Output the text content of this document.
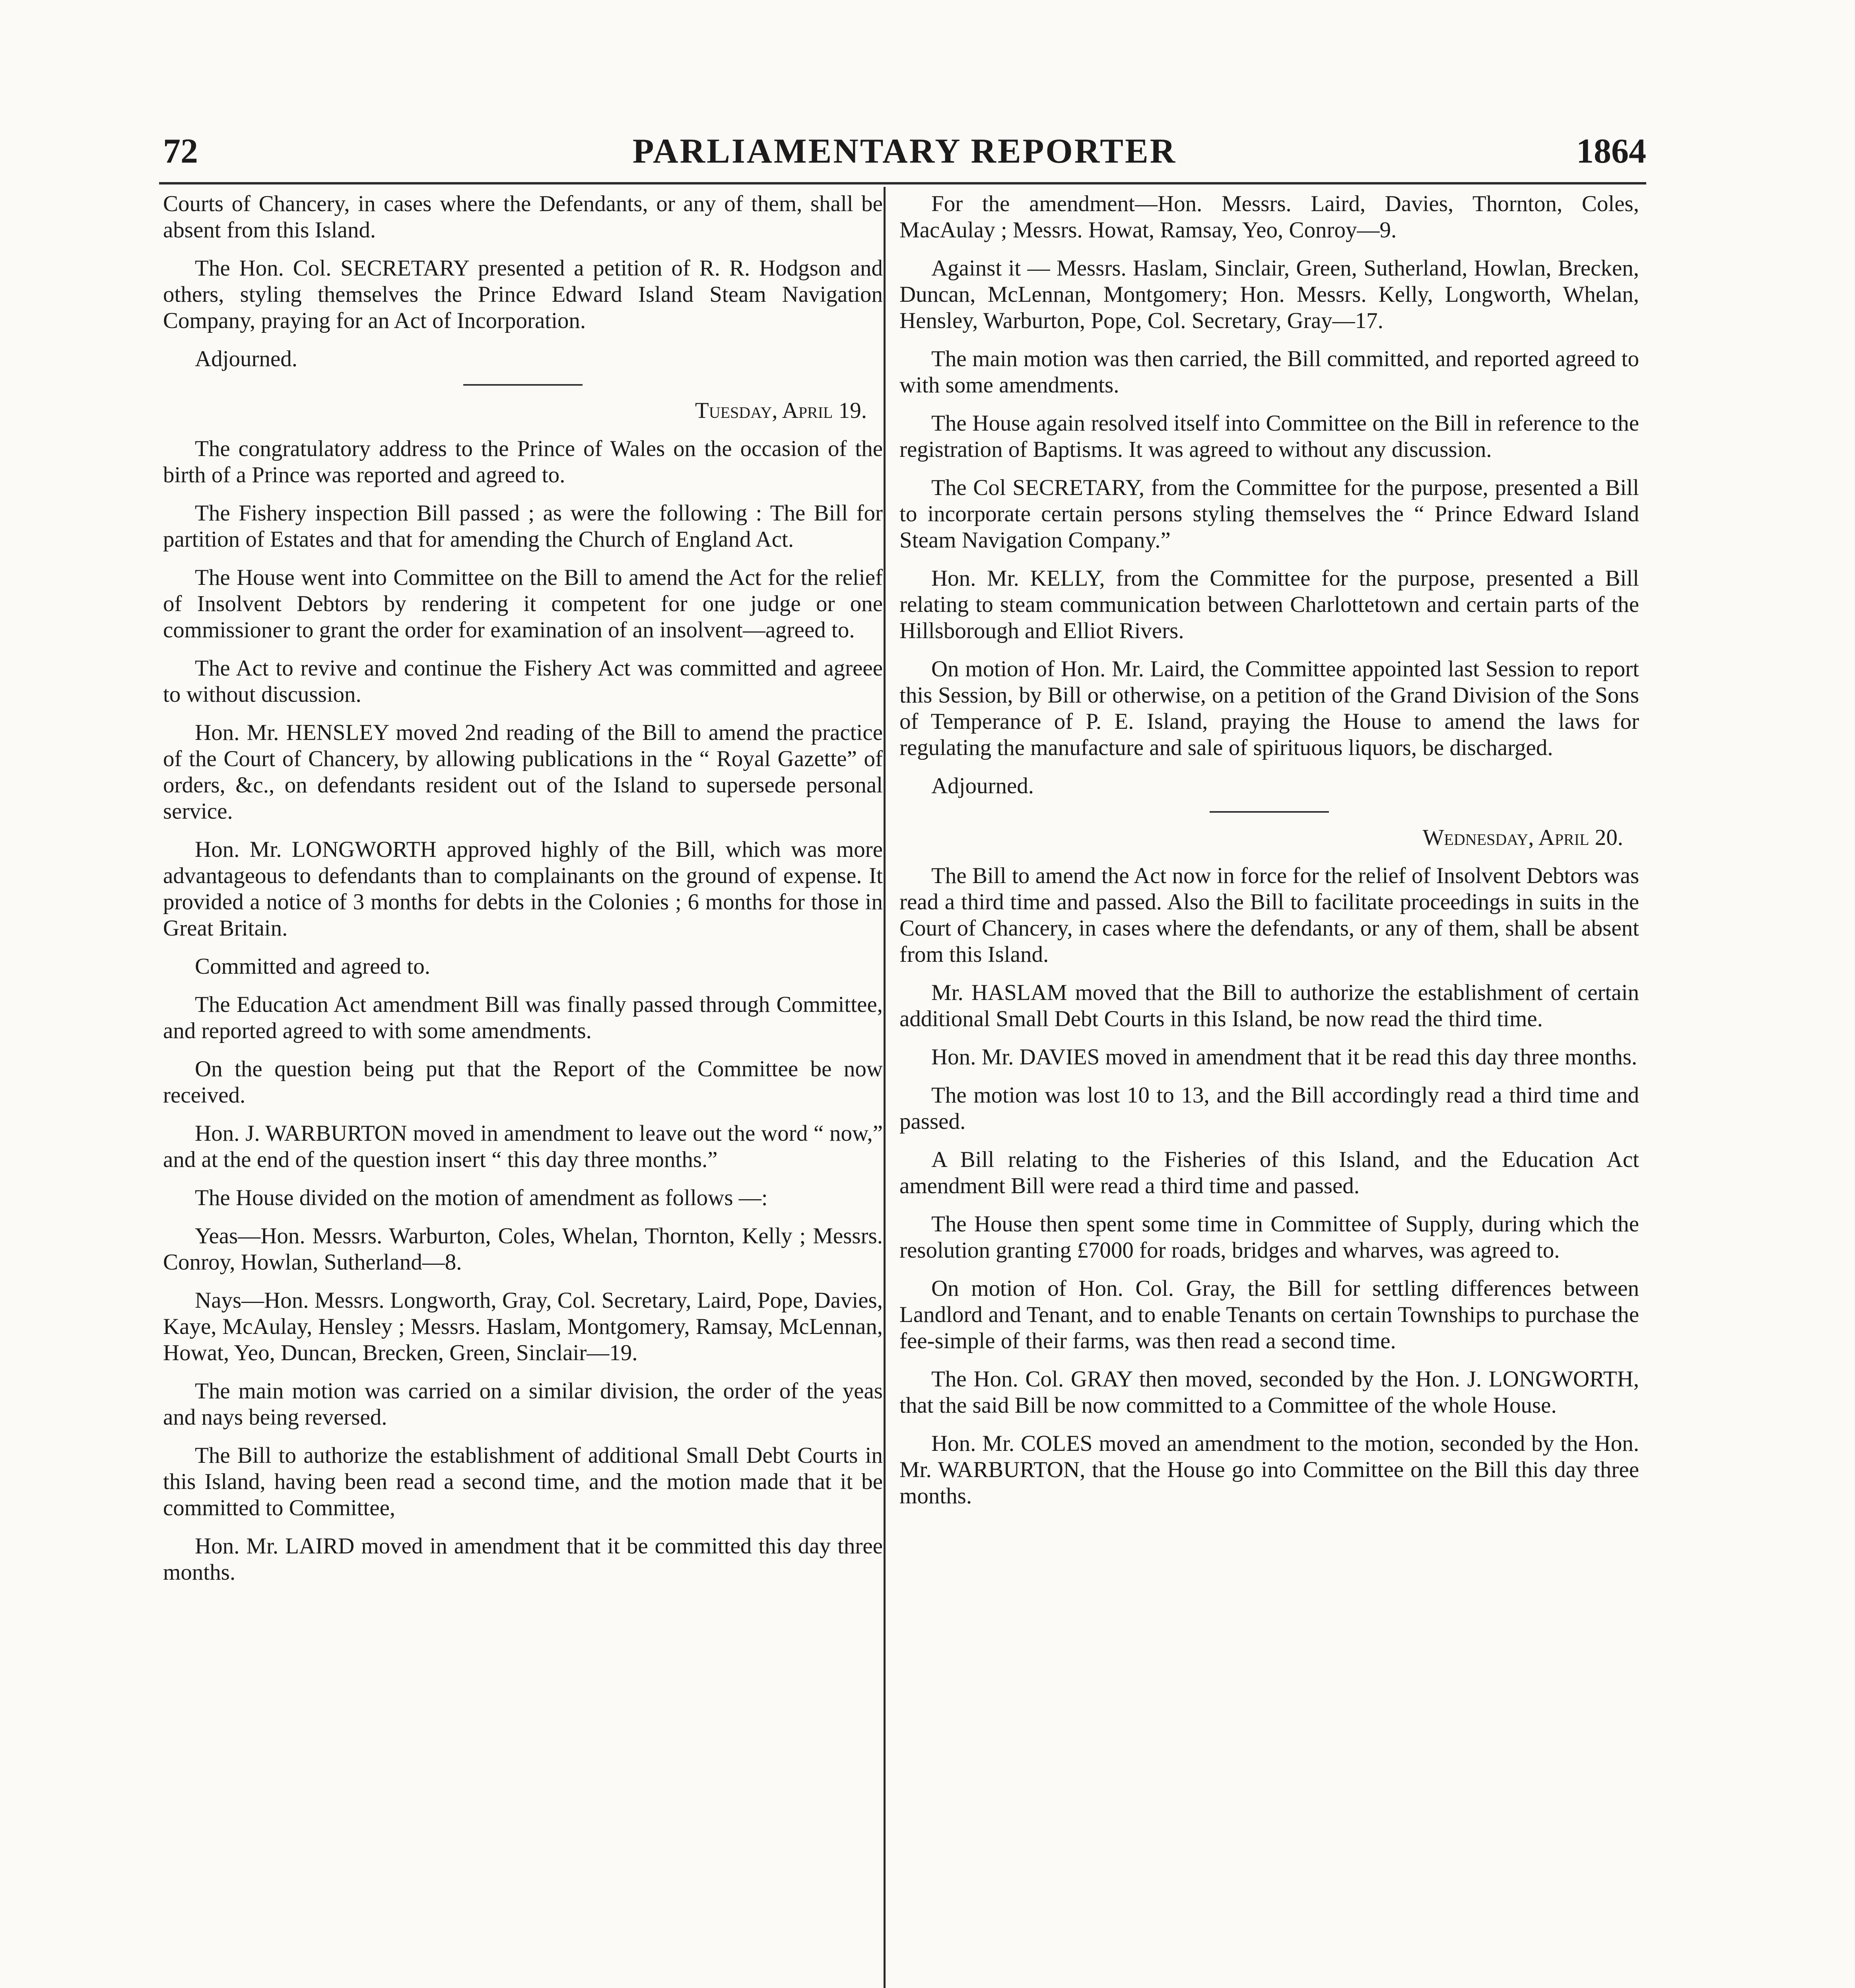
72	PARLIAMENTARY REPORTER	1864

Courts of Chancery, in cases where the Defendants, or any of them, shall be absent from this Island.

The Hon. Col. SECRETARY presented a petition of R. R. Hodgson and others, styling themselves the Prince Edward Island Steam Navigation Company, praying for an Act of Incorporation.

Adjourned.

Tuesday, April 19.

The congratulatory address to the Prince of Wales on the occasion of the birth of a Prince was reported and agreed to.

The Fishery inspection Bill passed ; as were the following : The Bill for partition of Estates and that for amending the Church of England Act.

The House went into Committee on the Bill to amend the Act for the relief of Insolvent Debtors by rendering it competent for one judge or one commissioner to grant the order for examination of an insolvent—agreed to.

The Act to revive and continue the Fishery Act was committed and agreee to without discussion.

Hon. Mr. HENSLEY moved 2nd reading of the Bill to amend the practice of the Court of Chancery, by allowing publications in the “ Royal Gazette” of orders, &c., on defendants resident out of the Island to supersede personal service.

Hon. Mr. LONGWORTH approved highly of the Bill, which was more advantageous to defendants than to complainants on the ground of expense. It provided a notice of 3 months for debts in the Colonies ; 6 months for those in Great Britain.

Committed and agreed to.

The Education Act amendment Bill was finally passed through Committee, and reported agreed to with some amendments.

On the question being put that the Report of the Committee be now received.

Hon. J. WARBURTON moved in amendment to leave out the word “ now,” and at the end of the question insert “ this day three months.”

The House divided on the motion of amendment as follows —:

Yeas—Hon. Messrs. Warburton, Coles, Whelan, Thornton, Kelly ; Messrs. Conroy, Howlan, Sutherland—8.

Nays—Hon. Messrs. Longworth, Gray, Col. Secretary, Laird, Pope, Davies, Kaye, McAulay, Hensley ; Messrs. Haslam, Montgomery, Ramsay, McLennan, Howat, Yeo, Duncan, Brecken, Green, Sinclair—19.

The main motion was carried on a similar division, the order of the yeas and nays being reversed.

The Bill to authorize the establishment of additional Small Debt Courts in this Island, having been read a second time, and the motion made that it be committed to Committee,

Hon. Mr. LAIRD moved in amendment that it be committed this day three months.

For the amendment—Hon. Messrs. Laird, Davies, Thornton, Coles, MacAulay ; Messrs. Howat, Ramsay, Yeo, Conroy—9.

Against it — Messrs. Haslam, Sinclair, Green, Sutherland, Howlan, Brecken, Duncan, McLennan, Montgomery; Hon. Messrs. Kelly, Longworth, Whelan, Hensley, Warburton, Pope, Col. Secretary, Gray—17.

The main motion was then carried, the Bill committed, and reported agreed to with some amendments.

The House again resolved itself into Committee on the Bill in reference to the registration of Baptisms. It was agreed to without any discussion.

The Col SECRETARY, from the Committee for the purpose, presented a Bill to incorporate certain persons styling themselves the “ Prince Edward Island Steam Navigation Company.”

Hon. Mr. KELLY, from the Committee for the purpose, presented a Bill relating to steam communication between Charlottetown and certain parts of the Hillsborough and Elliot Rivers.

On motion of Hon. Mr. Laird, the Committee appointed last Session to report this Session, by Bill or otherwise, on a petition of the Grand Division of the Sons of Temperance of P. E. Island, praying the House to amend the laws for regulating the manufacture and sale of spirituous liquors, be discharged.

Adjourned.

Wednesday, April 20.

The Bill to amend the Act now in force for the relief of Insolvent Debtors was read a third time and passed. Also the Bill to facilitate proceedings in suits in the Court of Chancery, in cases where the defendants, or any of them, shall be absent from this Island.

Mr. HASLAM moved that the Bill to authorize the establishment of certain additional Small Debt Courts in this Island, be now read the third time.

Hon. Mr. DAVIES moved in amendment that it be read this day three months.

The motion was lost 10 to 13, and the Bill accordingly read a third time and passed.

A Bill relating to the Fisheries of this Island, and the Education Act amendment Bill were read a third time and passed.

The House then spent some time in Committee of Supply, during which the resolution granting £7000 for roads, bridges and wharves, was agreed to.

On motion of Hon. Col. Gray, the Bill for settling differences between Landlord and Tenant, and to enable Tenants on certain Townships to purchase the fee-simple of their farms, was then read a second time.

The Hon. Col. GRAY then moved, seconded by the Hon. J. LONGWORTH, that the said Bill be now committed to a Committee of the whole House.

Hon. Mr. COLES moved an amendment to the motion, seconded by the Hon. Mr. WARBURTON, that the House go into Committee on the Bill this day three months.
